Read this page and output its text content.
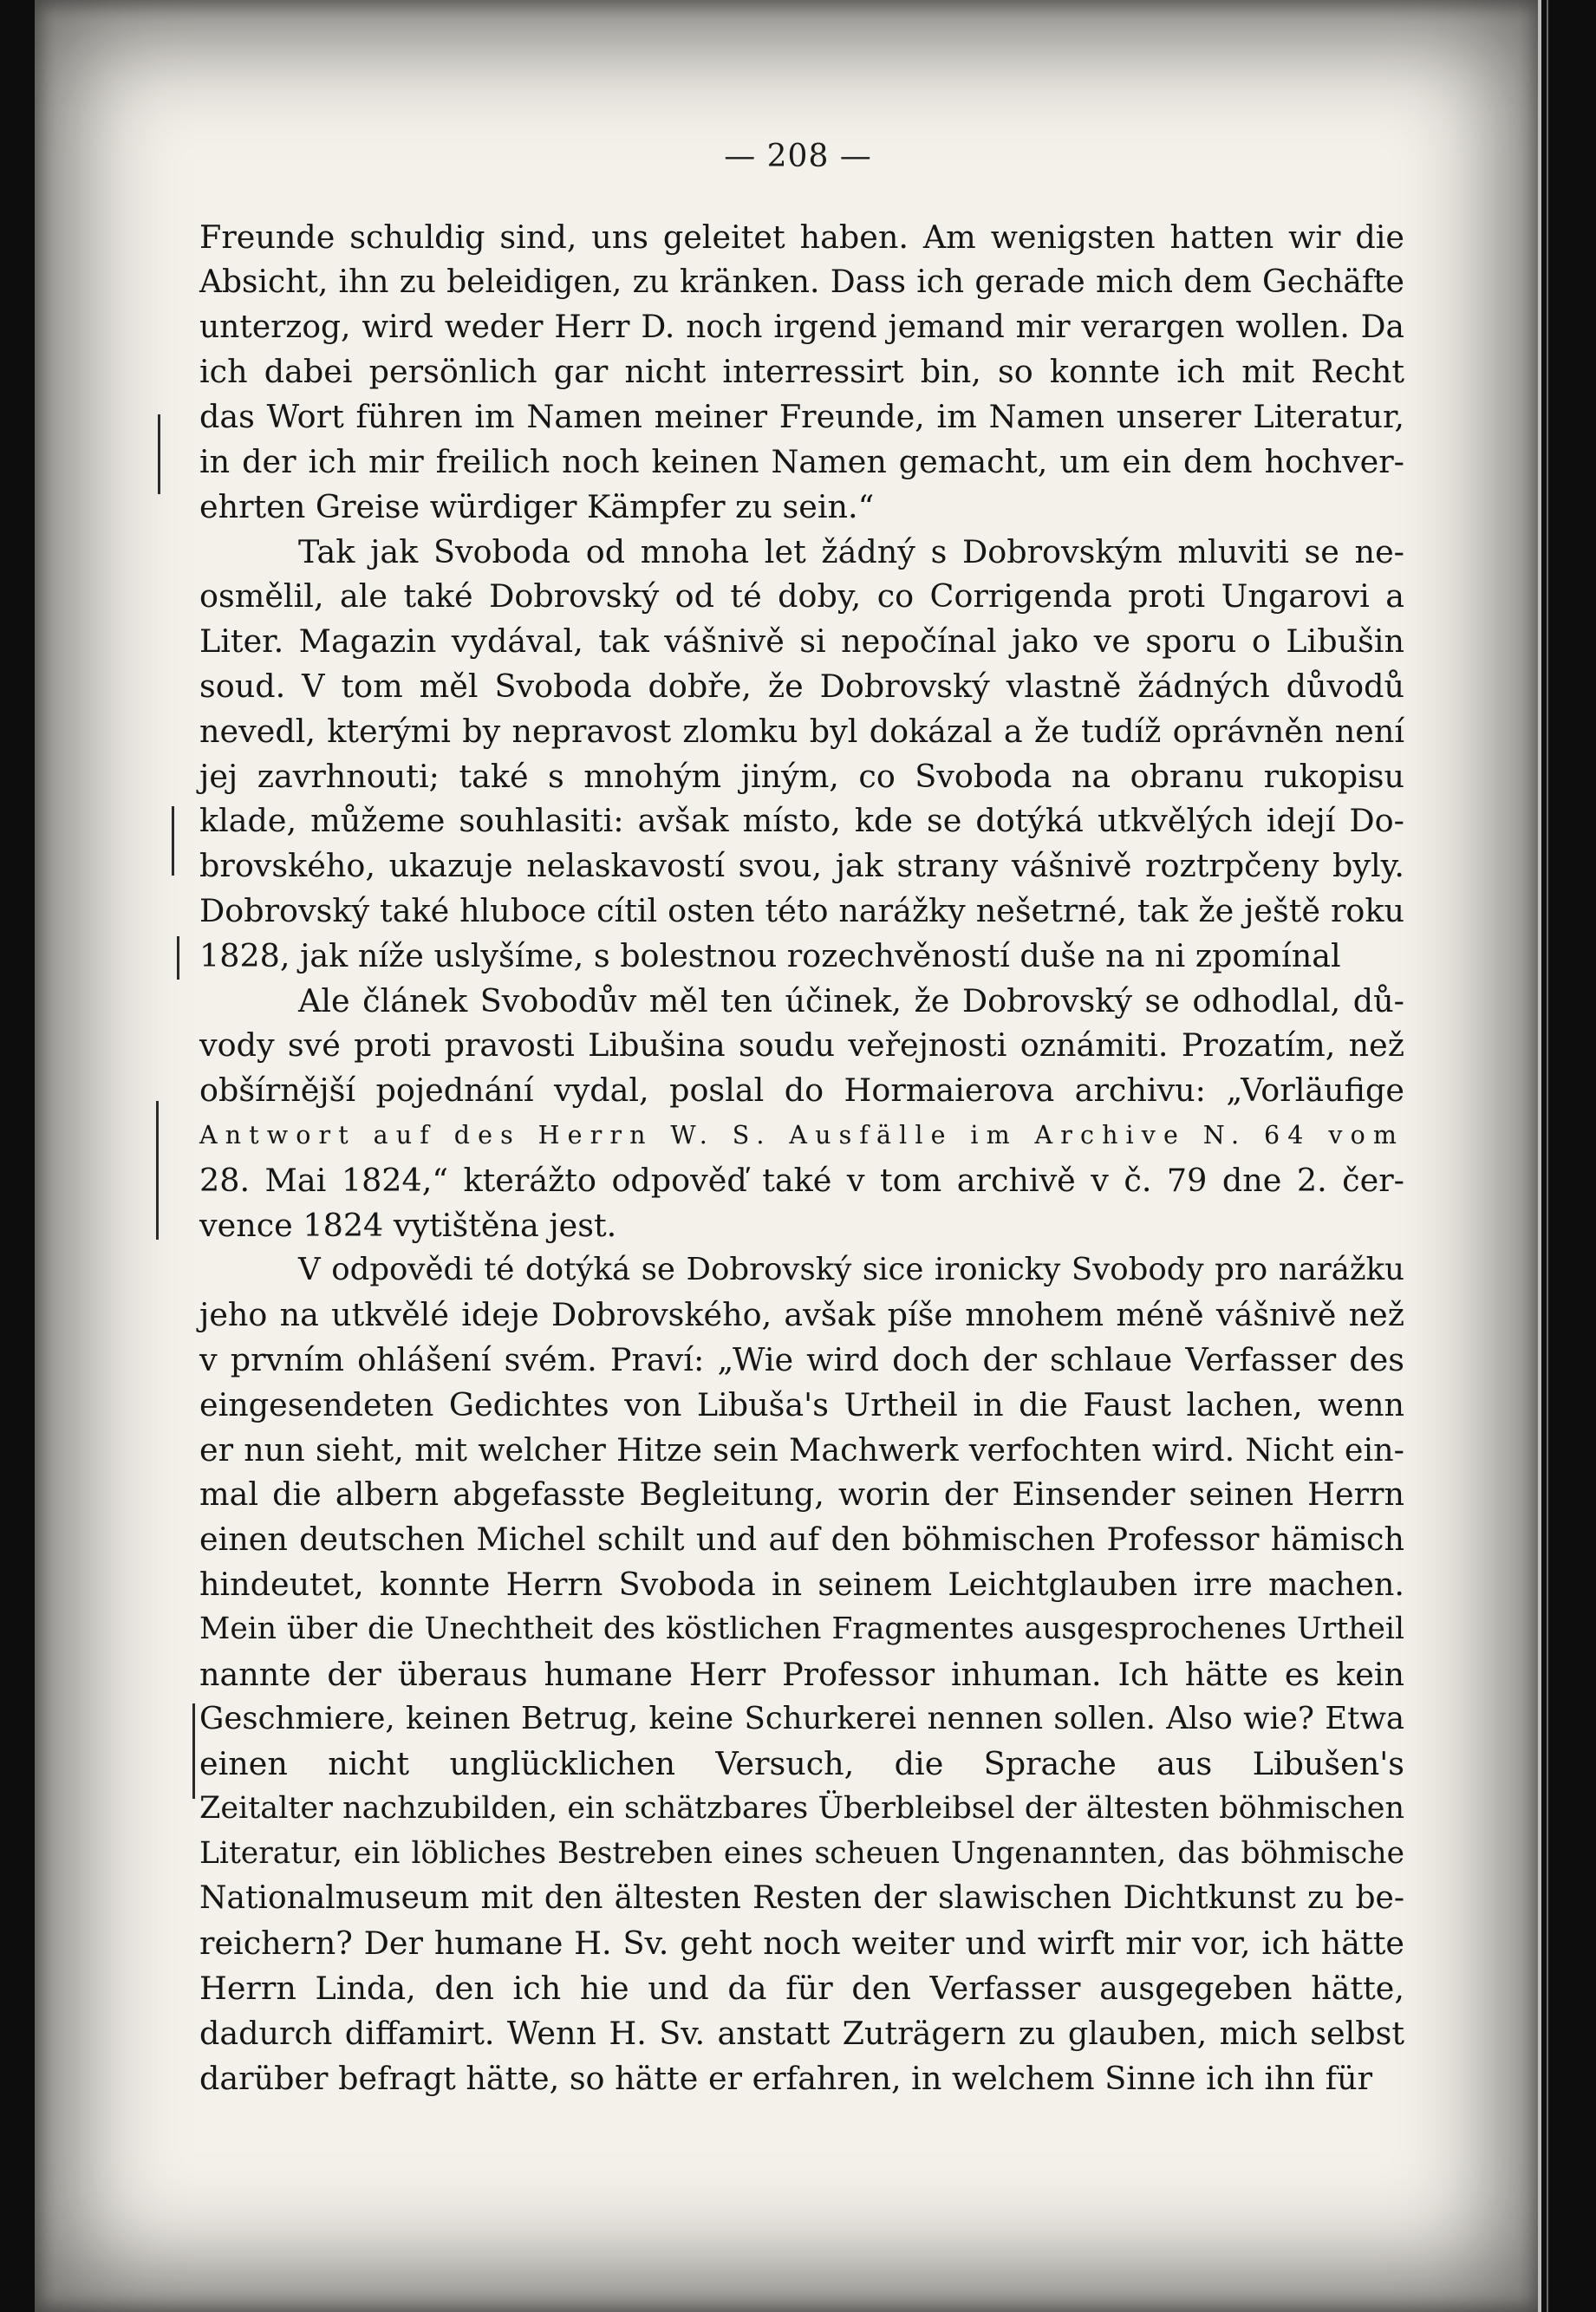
— 208 —
Freunde schuldig sind, uns geleitet haben. Am wenigsten hatten wir die
Absicht, ihn zu beleidigen, zu kränken. Dass ich gerade mich dem Gechäfte
unterzog, wird weder Herr D. noch irgend jemand mir verargen wollen. Da
ich dabei persönlich gar nicht interressirt bin, so konnte ich mit Recht
das Wort führen im Namen meiner Freunde, im Namen unserer Literatur,
in der ich mir freilich noch keinen Namen gemacht, um ein dem hochver-
ehrten Greise würdiger Kämpfer zu sein.“
Tak jak Svoboda od mnoha let žádný s Dobrovským mluviti se ne-
osmělil, ale také Dobrovský od té doby, co Corrigenda proti Ungarovi a
Liter. Magazin vydával, tak vášnivě si nepočínal jako ve sporu o Libušin
soud. V tom měl Svoboda dobře, že Dobrovský vlastně žádných důvodů
nevedl, kterými by nepravost zlomku byl dokázal a že tudíž oprávněn není
jej zavrhnouti; také s mnohým jiným, co Svoboda na obranu rukopisu
klade, můžeme souhlasiti: avšak místo, kde se dotýká utkvělých idejí Do-
brovského, ukazuje nelaskavostí svou, jak strany vášnivě roztrpčeny byly.
Dobrovský také hluboce cítil osten této narážky nešetrné, tak že ještě roku
1828, jak níže uslyšíme, s bolestnou rozechvěností duše na ni zpomínal
Ale článek Svobodův měl ten účinek, že Dobrovský se odhodlal, dů-
vody své proti pravosti Libušina soudu veřejnosti oznámiti. Prozatím, než
obšírnější pojednání vydal, poslal do Hormaierova archivu: „Vorläufige
Antwort auf des Herrn W. S. Ausfälle im Archive N. 64 vom
28. Mai 1824,“ kterážto odpověď také v tom archivě v č. 79 dne 2. čer-
vence 1824 vytištěna jest.
V odpovědi té dotýká se Dobrovský sice ironicky Svobody pro narážku
jeho na utkvělé ideje Dobrovského, avšak píše mnohem méně vášnivě než
v prvním ohlášení svém. Praví: „Wie wird doch der schlaue Verfasser des
eingesendeten Gedichtes von Libuša's Urtheil in die Faust lachen, wenn
er nun sieht, mit welcher Hitze sein Machwerk verfochten wird. Nicht ein-
mal die albern abgefasste Begleitung, worin der Einsender seinen Herrn
einen deutschen Michel schilt und auf den böhmischen Professor hämisch
hindeutet, konnte Herrn Svoboda in seinem Leichtglauben irre machen.
Mein über die Unechtheit des köstlichen Fragmentes ausgesprochenes Urtheil
nannte der überaus humane Herr Professor inhuman. Ich hätte es kein
Geschmiere, keinen Betrug, keine Schurkerei nennen sollen. Also wie? Etwa
einen nicht unglücklichen Versuch, die Sprache aus Libušen's
Zeitalter nachzubilden, ein schätzbares Überbleibsel der ältesten böhmischen
Literatur, ein löbliches Bestreben eines scheuen Ungenannten, das böhmische
Nationalmuseum mit den ältesten Resten der slawischen Dichtkunst zu be-
reichern? Der humane H. Sv. geht noch weiter und wirft mir vor, ich hätte
Herrn Linda, den ich hie und da für den Verfasser ausgegeben hätte,
dadurch diffamirt. Wenn H. Sv. anstatt Zuträgern zu glauben, mich selbst
darüber befragt hätte, so hätte er erfahren, in welchem Sinne ich ihn für
